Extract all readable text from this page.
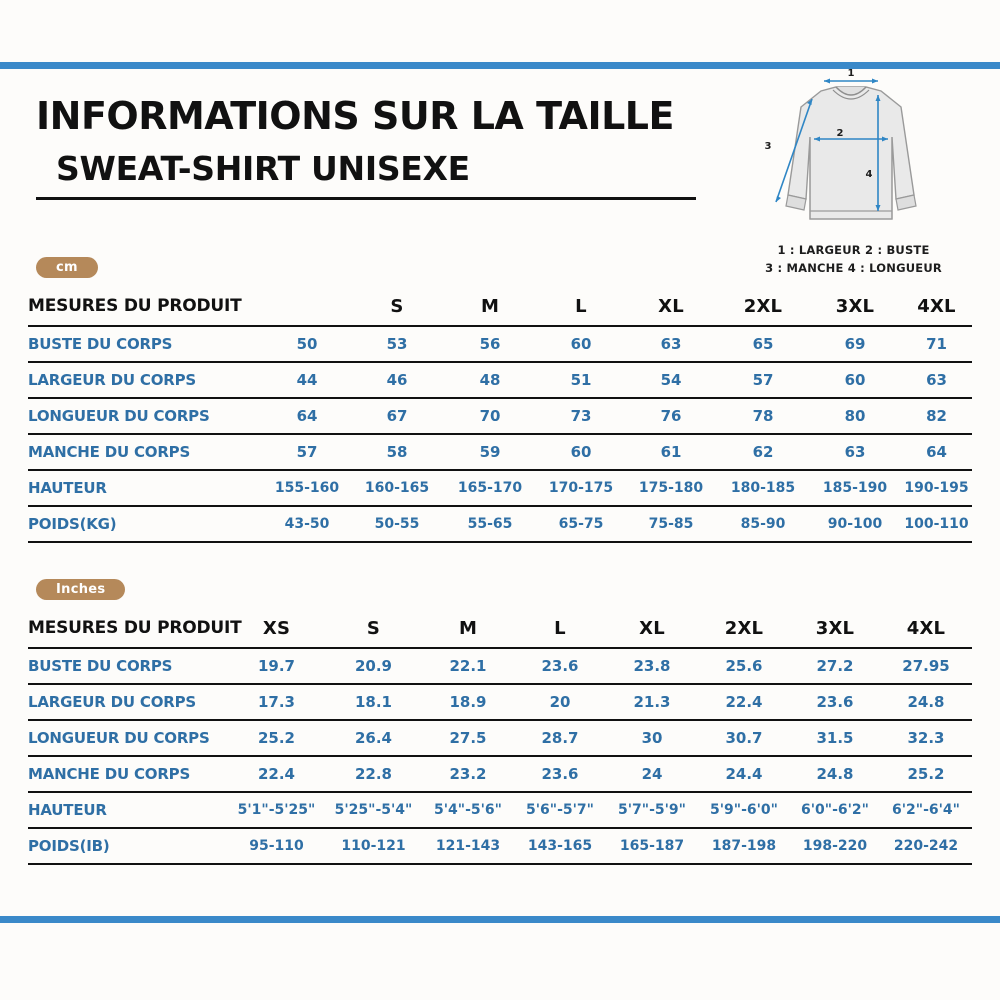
INFORMATIONS SUR LA TAILLE
SWEAT-SHIRT UNISEXE
1
2
3
4
1 : LARGEUR 2 : BUSTE
3 : MANCHE 4 : LONGUEUR
cm
MESURES DU PRODUIT		S	M	L	XL	2XL	3XL	4XL
BUSTE DU CORPS	50	53	56	60	63	65	69	71
LARGEUR DU CORPS	44	46	48	51	54	57	60	63
LONGUEUR DU CORPS	64	67	70	73	76	78	80	82
MANCHE DU CORPS	57	58	59	60	61	62	63	64
HAUTEUR	155-160	160-165	165-170	170-175	175-180	180-185	185-190	190-195
POIDS(KG)	43-50	50-55	55-65	65-75	75-85	85-90	90-100	100-110
Inches
MESURES DU PRODUIT	XS	S	M	L	XL	2XL	3XL	4XL
BUSTE DU CORPS	19.7	20.9	22.1	23.6	23.8	25.6	27.2	27.95
LARGEUR DU CORPS	17.3	18.1	18.9	20	21.3	22.4	23.6	24.8
LONGUEUR DU CORPS	25.2	26.4	27.5	28.7	30	30.7	31.5	32.3
MANCHE DU CORPS	22.4	22.8	23.2	23.6	24	24.4	24.8	25.2
HAUTEUR	5'1"-5'25"	5'25"-5'4"	5'4"-5'6"	5'6"-5'7"	5'7"-5'9"	5'9"-6'0"	6'0"-6'2"	6'2"-6'4"
POIDS(IB)	95-110	110-121	121-143	143-165	165-187	187-198	198-220	220-242
